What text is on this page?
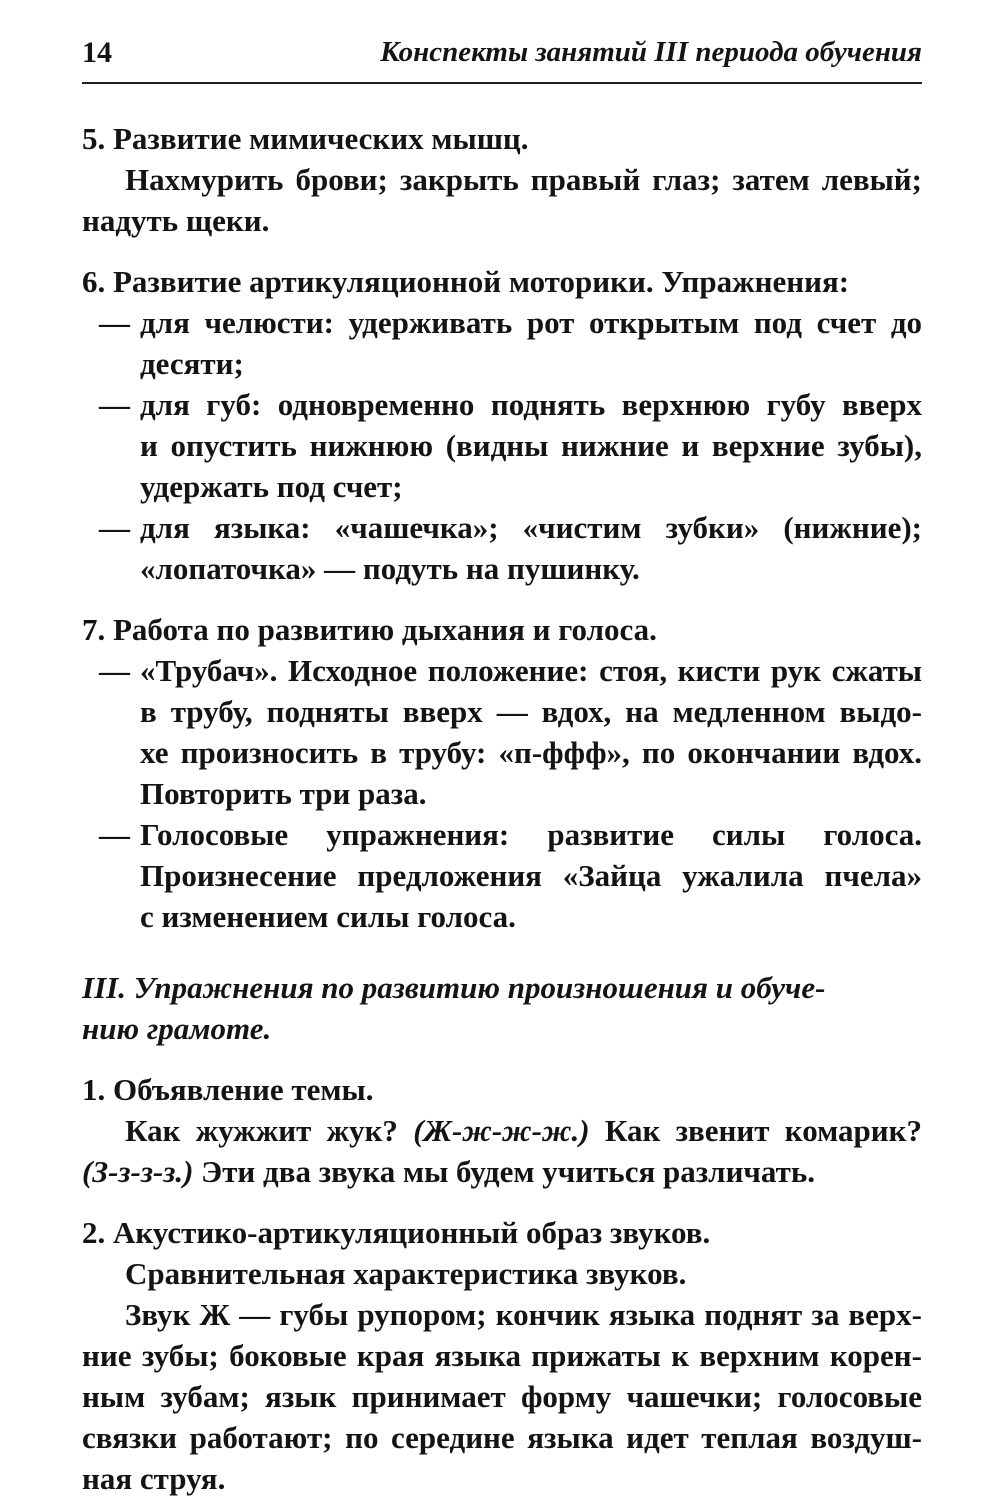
14	Конспекты занятий III периода обучения
5. Развитие мимических мышц.
Нахмурить брови; закрыть правый глаз; затем левый;
надуть щеки.
6. Развитие артикуляционной моторики. Упражнения:
— для челюсти: удерживать рот открытым под счет до
десяти;
— для губ: одновременно поднять верхнюю губу вверх
и опустить нижнюю (видны нижние и верхние зубы),
удержать под счет;
— для языка: «чашечка»; «чистим зубки» (нижние);
«лопаточка» — подуть на пушинку.
7. Работа по развитию дыхания и голоса.
— «Трубач». Исходное положение: стоя, кисти рук сжаты
в трубу, подняты вверх — вдох, на медленном выдо-
хе произносить в трубу: «п-ффф», по окончании вдох.
Повторить три раза.
— Голосовые упражнения: развитие силы голоса.
Произнесение предложения «Зайца ужалила пчела»
с изменением силы голоса.
III. Упражнения по развитию произношения и обуче-
нию грамоте.
1. Объявление темы.
Как жужжит жук? (Ж-ж-ж-ж.) Как звенит комарик?
(З-з-з-з.) Эти два звука мы будем учиться различать.
2. Акустико-артикуляционный образ звуков.
Сравнительная характеристика звуков.
Звук Ж — губы рупором; кончик языка поднят за верх-
ние зубы; боковые края языка прижаты к верхним корен-
ным зубам; язык принимает форму чашечки; голосовые
связки работают; по середине языка идет теплая воздуш-
ная струя.
